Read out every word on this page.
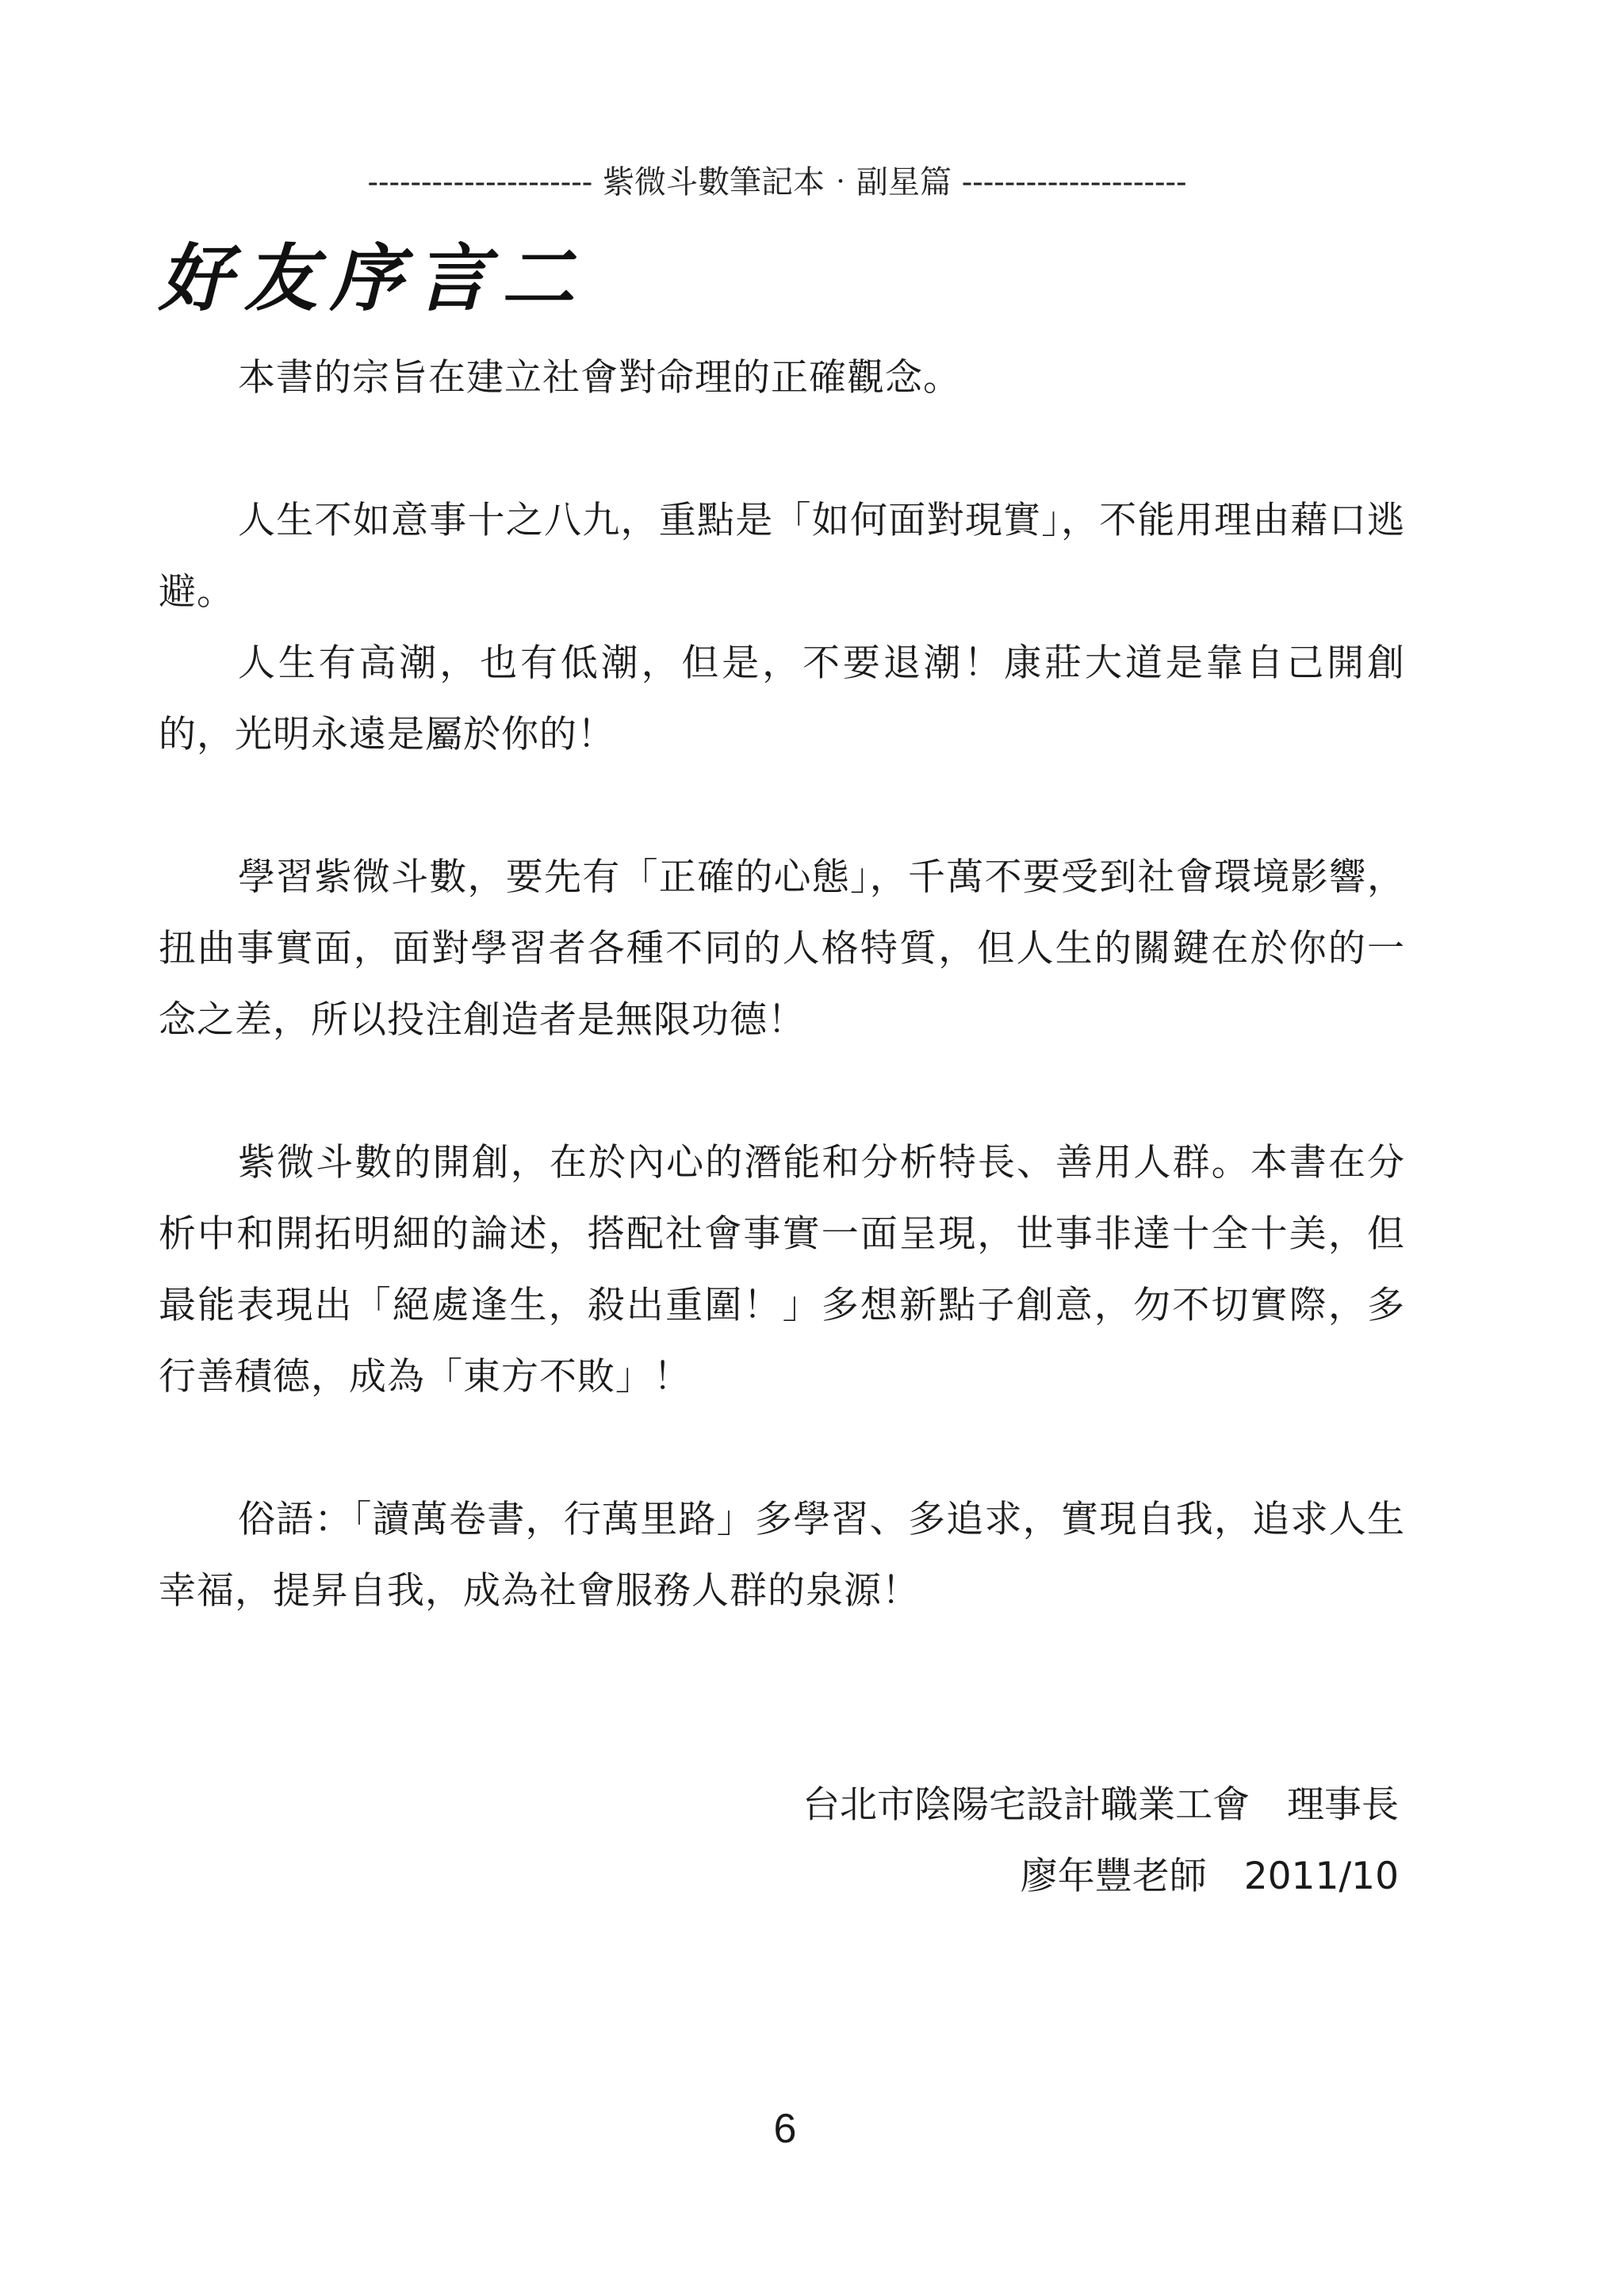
--------------------- 紫微斗數筆記本‧副星篇 ---------------------
好友序言二

本書的宗旨在建立社會對命理的正確觀念。

人生不如意事十之八九，重點是「如何面對現實」，不能用理由藉口逃避。

人生有高潮，也有低潮，但是，不要退潮！康莊大道是靠自己開創的，光明永遠是屬於你的！

學習紫微斗數，要先有「正確的心態」，千萬不要受到社會環境影響，扭曲事實面，面對學習者各種不同的人格特質，但人生的關鍵在於你的一念之差，所以投注創造者是無限功德！

紫微斗數的開創，在於內心的潛能和分析特長、善用人群。本書在分析中和開拓明細的論述，搭配社會事實一面呈現，世事非達十全十美，但最能表現出「絕處逢生，殺出重圍！」多想新點子創意，勿不切實際，多行善積德，成為「東方不敗」！

俗語：「讀萬卷書，行萬里路」多學習、多追求，實現自我，追求人生幸福，提昇自我，成為社會服務人群的泉源！

台北市陰陽宅設計職業工會　理事長
廖年豐老師　2011/10
6
